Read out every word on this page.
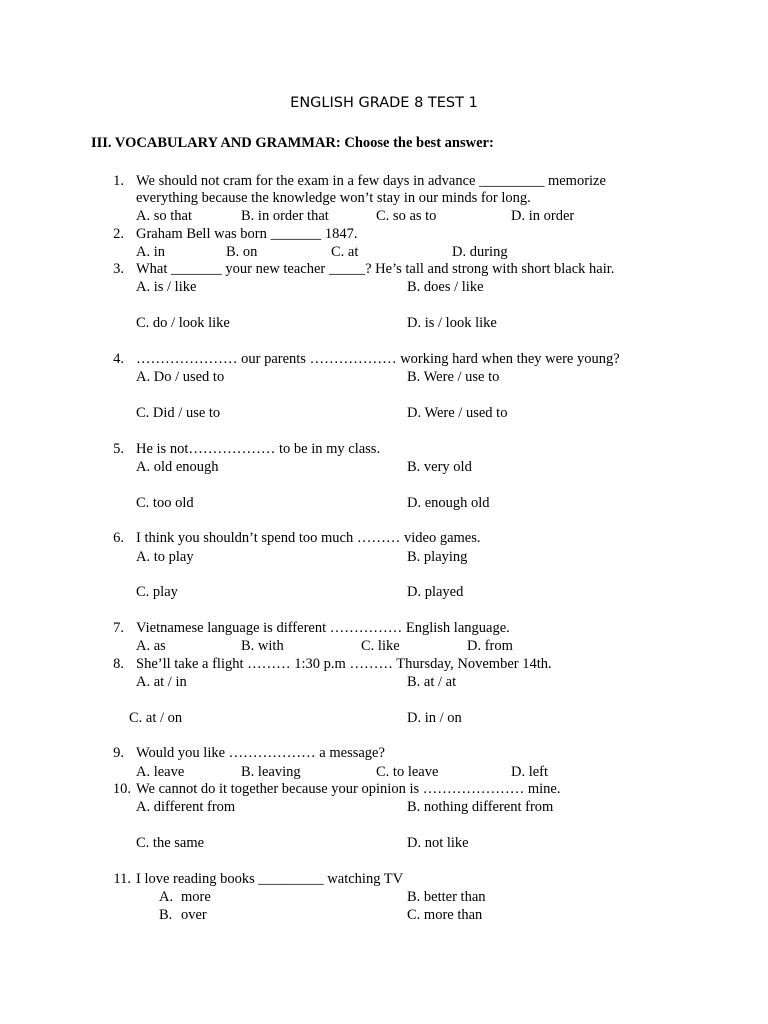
ENGLISH GRADE 8 TEST 1
III. VOCABULARY AND GRAMMAR: Choose the best answer:
1. We should not cram for the exam in a few days in advance _________ memorize
everything because the knowledge won’t stay in our minds for long.
A. so that	B. in order that	C. so as to	D. in order
2. Graham Bell was born _______ 1847.
A. in	B. on	C. at	D. during
3. What _______ your new teacher _____? He’s tall and strong with short black hair.
A. is / like	B. does / like
C. do / look like	D. is / look like
4. ………………… our parents ……………… working hard when they were young?
A. Do / used to	B. Were / use to
C. Did / use to	D. Were / used to
5. He is not……………… to be in my class.
A. old enough	B. very old
C. too old	D. enough old
6. I think you shouldn’t spend too much ……… video games.
A. to play	B. playing
C. play	D. played
7. Vietnamese language is different …………… English language.
A. as	B. with	C. like	D. from
8. She’ll take a flight ……… 1:30 p.m ……… Thursday, November 14th.
A. at / in	B. at / at
C. at / on	D. in / on
9. Would you like ……………… a message?
A. leave	B. leaving	C. to leave	D. left
10. We cannot do it together because your opinion is ………………… mine.
A. different from	B. nothing different from
C. the same	D. not like
11. I love reading books _________ watching TV
A. more	B. better than
B. over	C. more than
